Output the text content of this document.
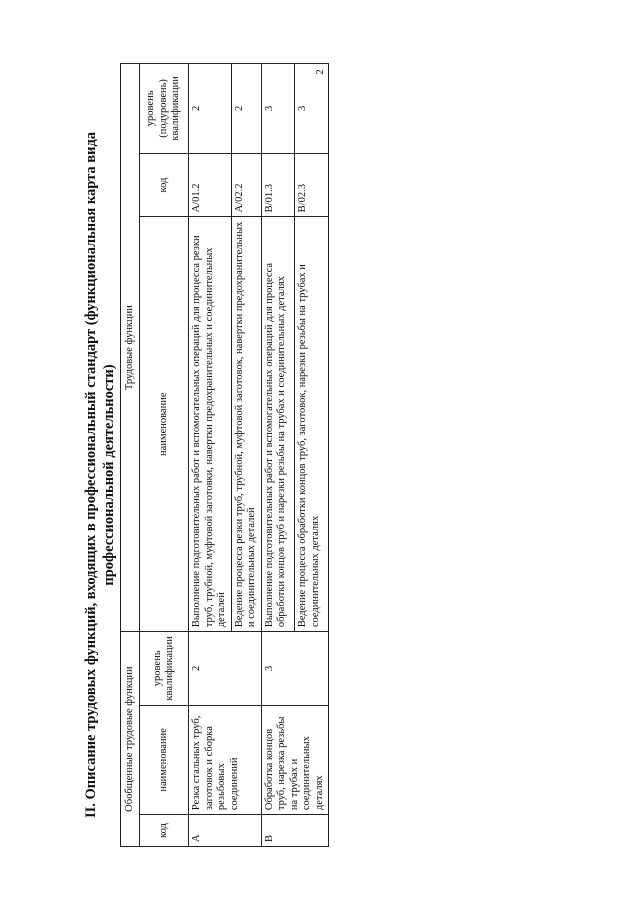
2
II. Описание трудовых функций, входящих в профессиональный стандарт (функциональная карта вида профессиональной деятельности)
Обобщенные трудовые функции			Трудовые функции		
код	наименование	уровень квалификации	наименование	код	уровень (подуровень) квалификации
A	Резка стальных труб, заготовок и сборка резьбовых соединений	2	Выполнение подготовительных работ и вспомогательных операций для процесса резки труб, трубной, муфтовой заготовки, навертки предохранительных и соединительных деталей	A/01.2	2
			Ведение процесса резки труб, трубной, муфтовой заготовок, навертки предохранительных и соединительных деталей	A/02.2	2
B	Обработка концов труб, нарезка резьбы на трубах и соединительных деталях	3	Выполнение подготовительных работ и вспомогательных операций для процесса обработки концов труб и нарезки резьбы на трубах и соединительных деталях	B/01.3	3
			Ведение процесса обработки концов труб, заготовок, нарезки резьбы на трубах и соединительных деталях	B/02.3	3
